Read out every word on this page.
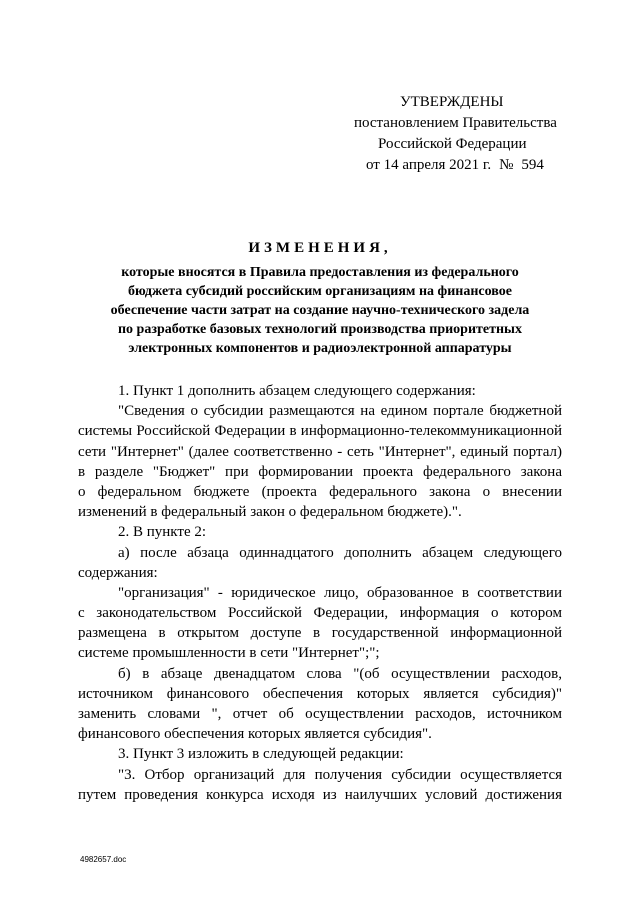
УТВЕРЖДЕНЫ
постановлением Правительства
Российской Федерации
от 14 апреля 2021 г. № 594
ИЗМЕНЕНИЯ,
которые вносятся в Правила предоставления из федерального
бюджета субсидий российским организациям на финансовое
обеспечение части затрат на создание научно-технического задела
по разработке базовых технологий производства приоритетных
электронных компонентов и радиоэлектронной аппаратуры
1. Пункт 1 дополнить абзацем следующего содержания:
"Сведения о субсидии размещаются на едином портале бюджетной
системы Российской Федерации в информационно-телекоммуникационной
сети "Интернет" (далее соответственно - сеть "Интернет", единый портал)
в разделе "Бюджет" при формировании проекта федерального закона
о федеральном бюджете (проекта федерального закона о внесении
изменений в федеральный закон о федеральном бюджете).".
2. В пункте 2:
а) после абзаца одиннадцатого дополнить абзацем следующего
содержания:
"организация" - юридическое лицо, образованное в соответствии
с законодательством Российской Федерации, информация о котором
размещена в открытом доступе в государственной информационной
системе промышленности в сети "Интернет";";
б) в абзаце двенадцатом слова "(об осуществлении расходов,
источником финансового обеспечения которых является субсидия)"
заменить словами ", отчет об осуществлении расходов, источником
финансового обеспечения которых является субсидия".
3. Пункт 3 изложить в следующей редакции:
"3. Отбор организаций для получения субсидии осуществляется
путем проведения конкурса исходя из наилучших условий достижения
4982657.doc
